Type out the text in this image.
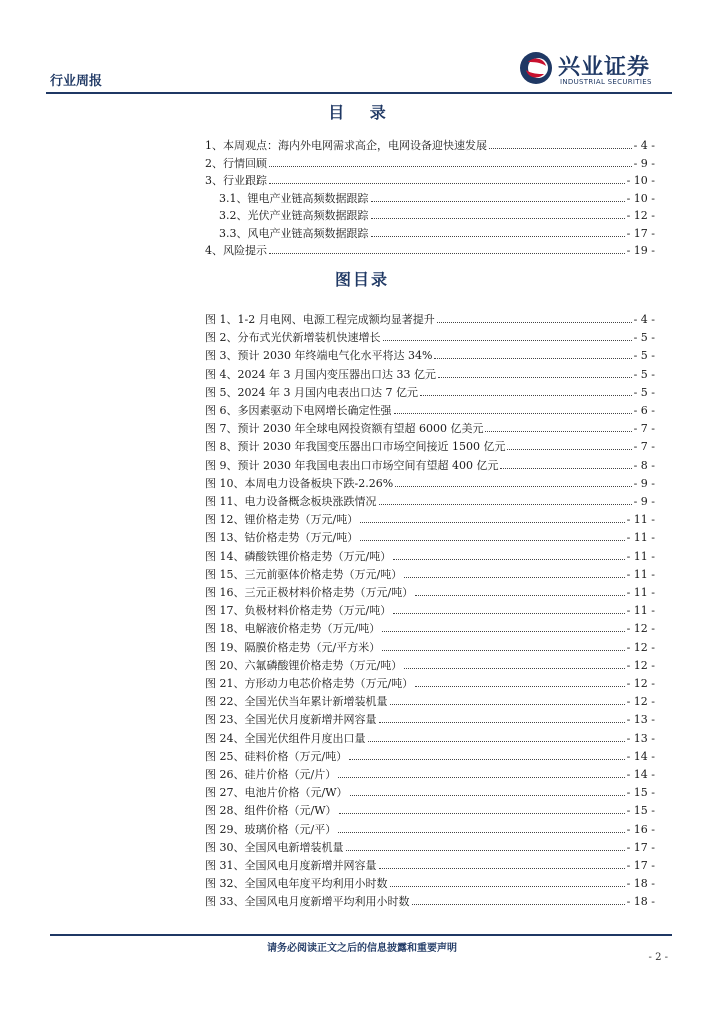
行业周报
兴业证券
INDUSTRIAL SECURITIES
目 录
1、本周观点：海内外电网需求高企，电网设备迎快速发展	- 4 -
2、行情回顾	- 9 -
3、行业跟踪	- 10 -
3.1、锂电产业链高频数据跟踪	- 10 -
3.2、光伏产业链高频数据跟踪	- 12 -
3.3、风电产业链高频数据跟踪	- 17 -
4、风险提示	- 19 -
图目录
图 1、1-2 月电网、电源工程完成额均显著提升	- 4 -
图 2、分布式光伏新增装机快速增长	- 5 -
图 3、预计 2030 年终端电气化水平将达 34%	- 5 -
图 4、2024 年 3 月国内变压器出口达 33 亿元	- 5 -
图 5、2024 年 3 月国内电表出口达 7 亿元	- 5 -
图 6、多因素驱动下电网增长确定性强	- 6 -
图 7、预计 2030 年全球电网投资额有望超 6000 亿美元	- 7 -
图 8、预计 2030 年我国变压器出口市场空间接近 1500 亿元	- 7 -
图 9、预计 2030 年我国电表出口市场空间有望超 400 亿元	- 8 -
图 10、本周电力设备板块下跌-2.26%	- 9 -
图 11、电力设备概念板块涨跌情况	- 9 -
图 12、锂价格走势（万元/吨）	- 11 -
图 13、钴价格走势（万元/吨）	- 11 -
图 14、磷酸铁锂价格走势（万元/吨）	- 11 -
图 15、三元前驱体价格走势（万元/吨）	- 11 -
图 16、三元正极材料价格走势（万元/吨）	- 11 -
图 17、负极材料价格走势（万元/吨）	- 11 -
图 18、电解液价格走势（万元/吨）	- 12 -
图 19、隔膜价格走势（元/平方米）	- 12 -
图 20、六氟磷酸锂价格走势（万元/吨）	- 12 -
图 21、方形动力电芯价格走势（万元/吨）	- 12 -
图 22、全国光伏当年累计新增装机量	- 12 -
图 23、全国光伏月度新增并网容量	- 13 -
图 24、全国光伏组件月度出口量	- 13 -
图 25、硅料价格（万元/吨）	- 14 -
图 26、硅片价格（元/片）	- 14 -
图 27、电池片价格（元/W）	- 15 -
图 28、组件价格（元/W）	- 15 -
图 29、玻璃价格（元/平）	- 16 -
图 30、全国风电新增装机量	- 17 -
图 31、全国风电月度新增并网容量	- 17 -
图 32、全国风电年度平均利用小时数	- 18 -
图 33、全国风电月度新增平均利用小时数	- 18 -
请务必阅读正文之后的信息披露和重要声明
- 2 -
